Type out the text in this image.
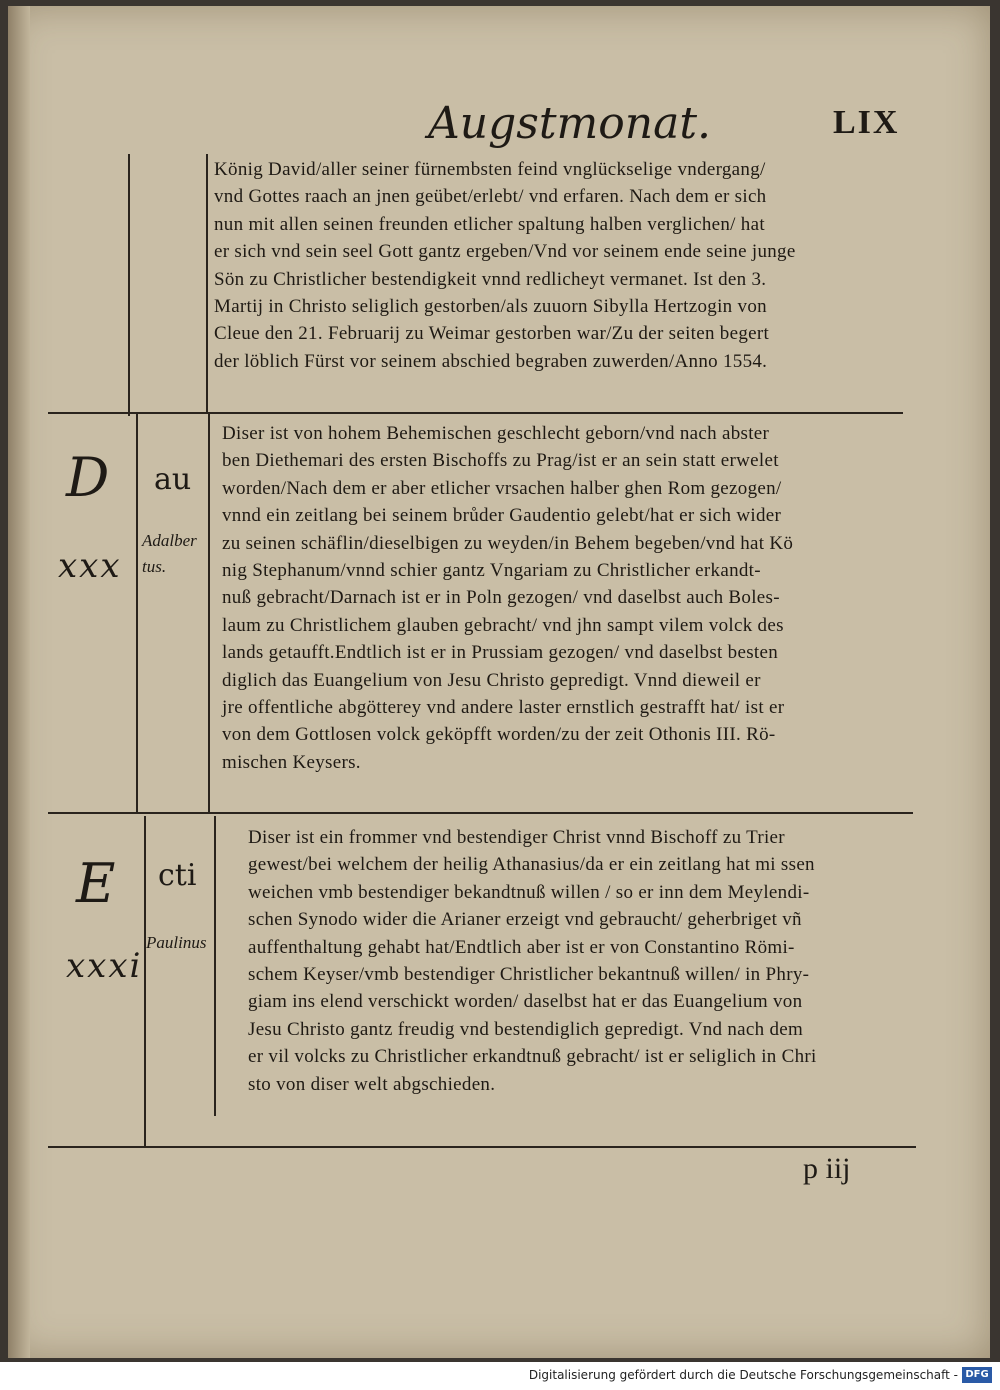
Augstmonat.	LIX
König David/aller seiner fürnembsten feind vnglückselige vndergang/
vnd Gottes raach an jnen geübet/erlebt/ vnd erfaren. Nach dem er sich
nun mit allen seinen freunden etlicher spaltung halben verglichen/ hat
er sich vnd sein seel Gott gantz ergeben/Vnd vor seinem ende seine junge
Sön zu Christlicher bestendigkeit vnnd redlicheyt vermanet. Ist den 3.
Martij in Christo seliglich gestorben/als zuuorn Sibylla Hertzogin von
Cleue den 21. Februarij zu Weimar gestorben war/Zu der seiten begert
der löblich Fürst vor seinem abschied begraben zuwerden/Anno 1554.
D
xxx
au
Adalber
tus.
Diser ist von hohem Behemischen geschlecht geborn/vnd nach abster
ben Diethemari des ersten Bischoffs zu Prag/ist er an sein statt erwelet
worden/Nach dem er aber etlicher vrsachen halber ghen Rom gezogen/
vnnd ein zeitlang bei seinem brůder Gaudentio gelebt/hat er sich wider
zu seinen schäflin/dieselbigen zu weyden/in Behem begeben/vnd hat Kö
nig Stephanum/vnnd schier gantz Vngariam zu Christlicher erkandt-
nuß gebracht/Darnach ist er in Poln gezogen/ vnd daselbst auch Boles-
laum zu Christlichem glauben gebracht/ vnd jhn sampt vilem volck des
lands getaufft.Endtlich ist er in Prussiam gezogen/ vnd daselbst besten
diglich das Euangelium von Jesu Christo gepredigt. Vnnd dieweil er
jre offentliche abgötterey vnd andere laster ernstlich gestrafft hat/ ist er
von dem Gottlosen volck geköpfft worden/zu der zeit Othonis III. Rö-
mischen Keysers.
E
xxxi
cti
Paulinus
Diser ist ein frommer vnd bestendiger Christ vnnd Bischoff zu Trier
gewest/bei welchem der heilig Athanasius/da er ein zeitlang hat mi ssen
weichen vmb bestendiger bekandtnuß willen / so er inn dem Meylendi-
schen Synodo wider die Arianer erzeigt vnd gebraucht/ geherbriget vñ
auffenthaltung gehabt hat/Endtlich aber ist er von Constantino Römi-
schem Keyser/vmb bestendiger Christlicher bekantnuß willen/ in Phry-
giam ins elend verschickt worden/ daselbst hat er das Euangelium von
Jesu Christo gantz freudig vnd bestendiglich gepredigt. Vnd nach dem
er vil volcks zu Christlicher erkandtnuß gebracht/ ist er seliglich in Chri
sto von diser welt abgschieden.
p iij
Digitalisierung gefördert durch die Deutsche Forschungsgemeinschaft - DFG
